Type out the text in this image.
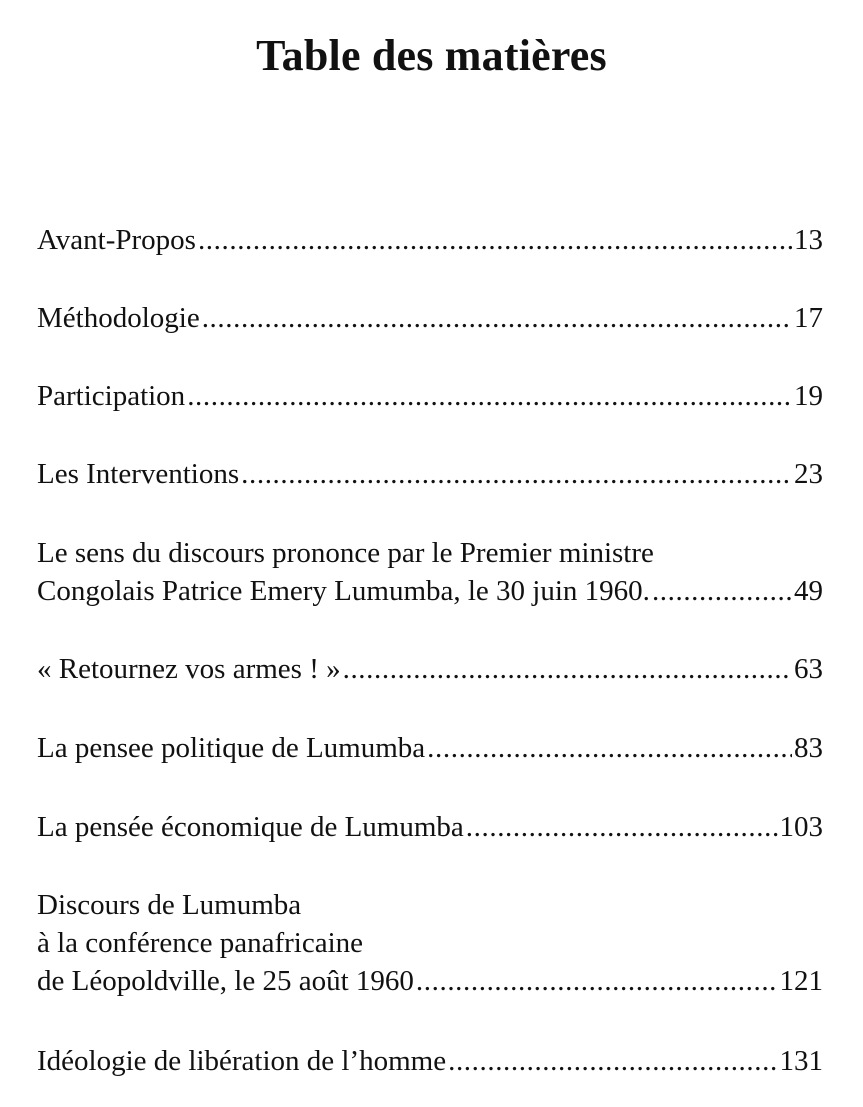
Table des matières
Avant-Propos .....	13
Méthodologie .....	17
Participation .....	19
Les Interventions .....	23
Le sens du discours prononce par le Premier ministre
Congolais Patrice Emery Lumumba, le 30 juin 1960. .....	49
« Retournez vos armes ! » .....	63
La pensee politique de Lumumba .....	83
La pensée économique de Lumumba .....	103
Discours de Lumumba
à la conférence panafricaine
de Léopoldville, le 25 août 1960 .....	121
Idéologie de libération de l’homme .....	131
